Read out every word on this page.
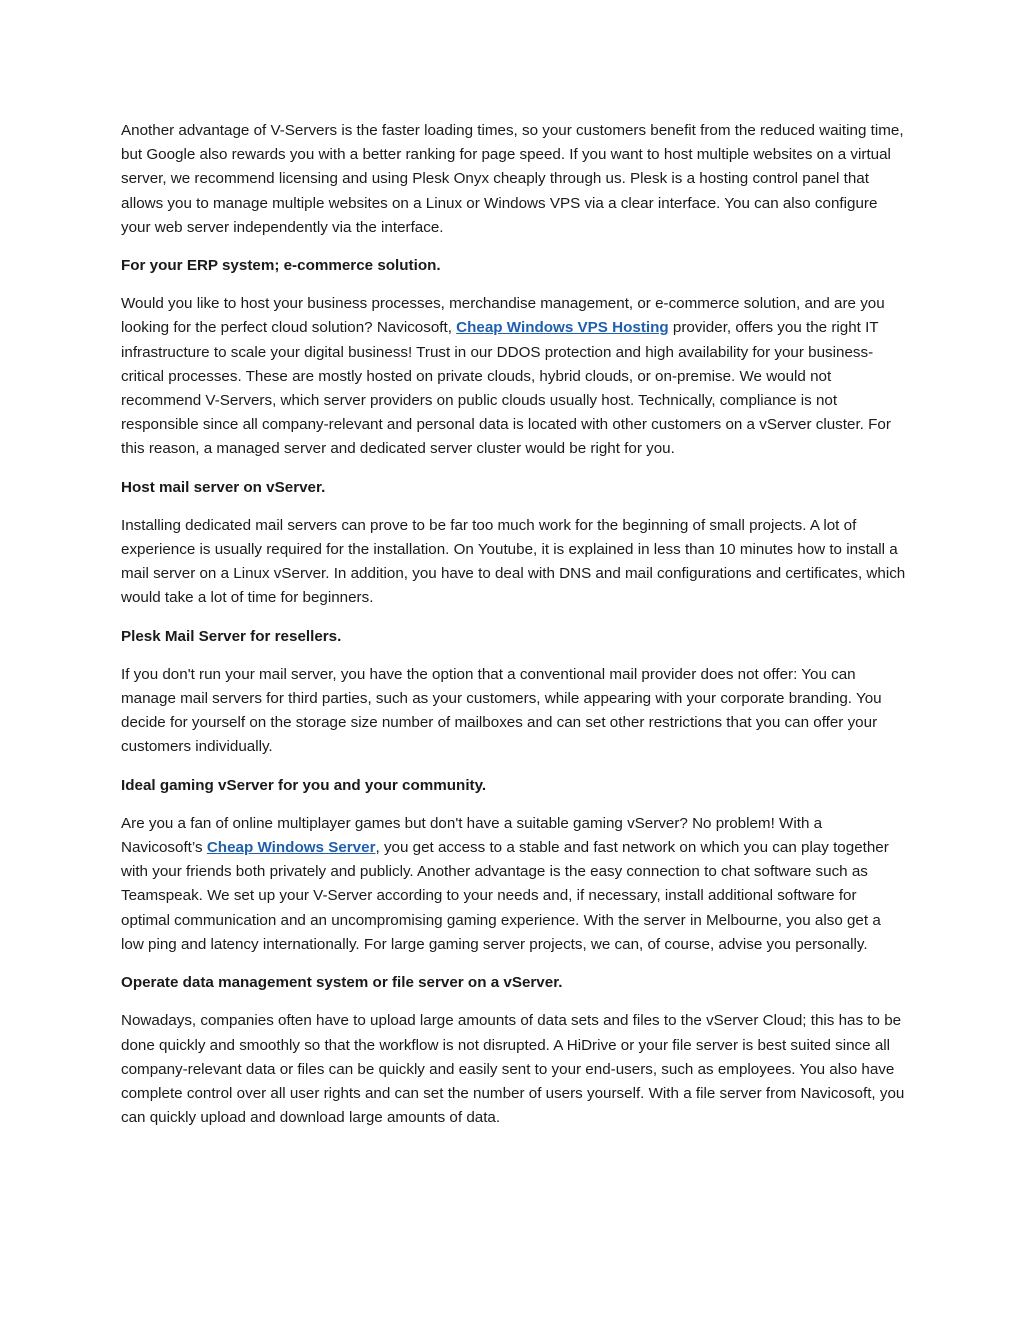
Another advantage of V-Servers is the faster loading times, so your customers benefit from the reduced waiting time, but Google also rewards you with a better ranking for page speed. If you want to host multiple websites on a virtual server, we recommend licensing and using Plesk Onyx cheaply through us. Plesk is a hosting control panel that allows you to manage multiple websites on a Linux or Windows VPS via a clear interface. You can also configure your web server independently via the interface.

For your ERP system; e-commerce solution.

Would you like to host your business processes, merchandise management, or e-commerce solution, and are you looking for the perfect cloud solution? Navicosoft, Cheap Windows VPS Hosting provider, offers you the right IT infrastructure to scale your digital business! Trust in our DDOS protection and high availability for your business-critical processes. These are mostly hosted on private clouds, hybrid clouds, or on-premise. We would not recommend V-Servers, which server providers on public clouds usually host. Technically, compliance is not responsible since all company-relevant and personal data is located with other customers on a vServer cluster. For this reason, a managed server and dedicated server cluster would be right for you.

Host mail server on vServer.

Installing dedicated mail servers can prove to be far too much work for the beginning of small projects. A lot of experience is usually required for the installation. On Youtube, it is explained in less than 10 minutes how to install a mail server on a Linux vServer. In addition, you have to deal with DNS and mail configurations and certificates, which would take a lot of time for beginners.

Plesk Mail Server for resellers.

If you don't run your mail server, you have the option that a conventional mail provider does not offer: You can manage mail servers for third parties, such as your customers, while appearing with your corporate branding. You decide for yourself on the storage size number of mailboxes and can set other restrictions that you can offer your customers individually.

Ideal gaming vServer for you and your community.

Are you a fan of online multiplayer games but don't have a suitable gaming vServer? No problem! With a Navicosoft’s Cheap Windows Server, you get access to a stable and fast network on which you can play together with your friends both privately and publicly. Another advantage is the easy connection to chat software such as Teamspeak. We set up your V-Server according to your needs and, if necessary, install additional software for optimal communication and an uncompromising gaming experience. With the server in Melbourne, you also get a low ping and latency internationally. For large gaming server projects, we can, of course, advise you personally.

Operate data management system or file server on a vServer.

Nowadays, companies often have to upload large amounts of data sets and files to the vServer Cloud; this has to be done quickly and smoothly so that the workflow is not disrupted. A HiDrive or your file server is best suited since all company-relevant data or files can be quickly and easily sent to your end-users, such as employees. You also have complete control over all user rights and can set the number of users yourself. With a file server from Navicosoft, you can quickly upload and download large amounts of data.
